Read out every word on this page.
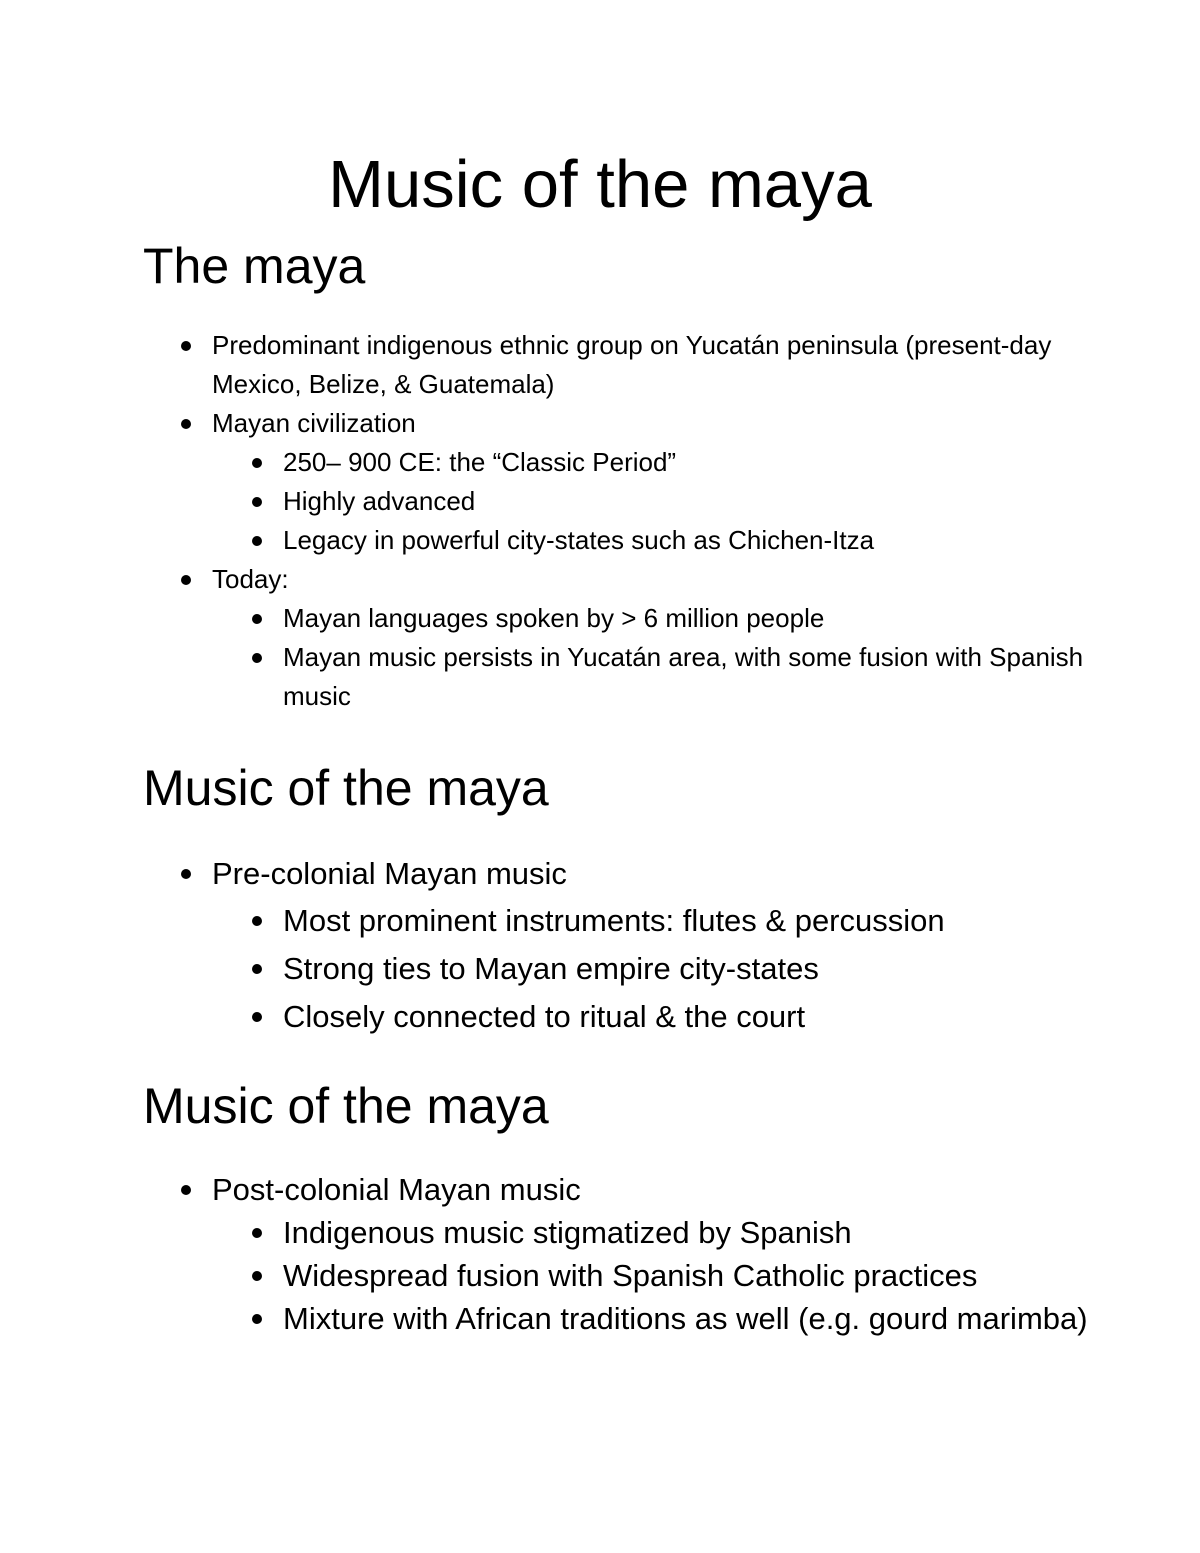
Music of the maya
The maya
Predominant indigenous ethnic group on Yucatán peninsula (present-day Mexico, Belize, & Guatemala)
Mayan civilization
250– 900 CE: the “Classic Period”
Highly advanced
Legacy in powerful city-states such as Chichen-Itza
Today:
Mayan languages spoken by > 6 million people
Mayan music persists in Yucatán area, with some fusion with Spanish music
Music of the maya
Pre-colonial Mayan music
Most prominent instruments: flutes & percussion
Strong ties to Mayan empire city-states
Closely connected to ritual & the court
Music of the maya
Post-colonial Mayan music
Indigenous music stigmatized by Spanish
Widespread fusion with Spanish Catholic practices
Mixture with African traditions as well (e.g. gourd marimba)
